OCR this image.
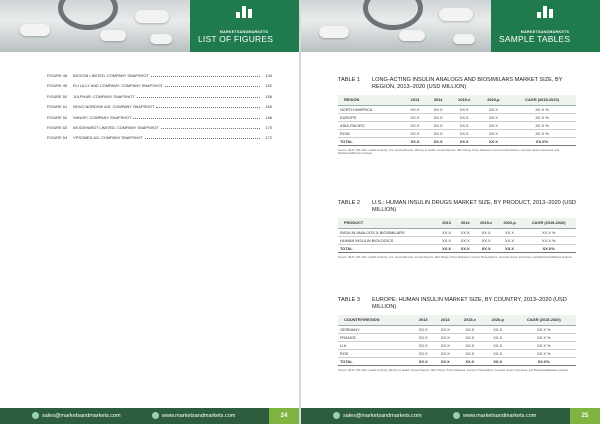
MARKETSANDMARKETS
LIST OF FIGURES
FIGURE 48	BIOCON LIMITED: COMPANY SNAPSHOT	144
FIGURE 49	ELI LILLY AND COMPANY: COMPANY SNAPSHOT	152
FIGURE 50	JULPHAR: COMPANY SNAPSHOT	158
FIGURE 51	NOVO NORDISK A/S: COMPANY SNAPSHOT	160
FIGURE 52	SANOFI: COMPANY SNAPSHOT	166
FIGURE 53	WOCKHARDT LIMITED: COMPANY SNAPSHOT	170
FIGURE 54	YPSOMED AG: COMPANY SNAPSHOT	172
sales@marketsandmarkets.com	www.marketsandmarkets.com	24
MARKETSANDMARKETS
SAMPLE TABLES
sales@marketsandmarkets.com	www.marketsandmarkets.com	25
TABLE 1	LONG-ACTING INSULIN ANALOGS AND BIOSIMILARS MARKET SIZE, BY REGION, 2013–2020 (USD MILLION)
REGION	2013	2014	2015-e	2020-p	CAGR (2015-2020)
NORTH AMERICA	XX.X	XX.X	XX.X	XX.X	XX.X %
EUROPE	XX.X	XX.X	XX.X	XX.X	XX.X %
ASIA-PACIFIC	XX.X	XX.X	XX.X	XX.X	XX.X %
ROW	XX.X	XX.X	XX.X	XX.X	XX.X %
TOTAL	XX.X	XX.X	XX.X	XX.X	XX.X%
Source: WHO, IDF, FDA, Health Authority, U.S. Census Bureau, Ministry of Health, Annual Reports, SEC Filings, Press Releases, Investor Presentations, Journals, Expert Interviews, and MarketsandMarkets Analysis
TABLE 2	U.S.: HUMAN INSULIN DRUGS MARKET SIZE, BY PRODUCT, 2013–2020 (USD MILLION)
PRODUCT	2013	2014	2015-e	2020-p	CAGR (2015-2020)
INSULIN ANALOGS & BIOSIMILARS	XX.X	XX.X	XX.X	XX.X	XX.X %
HUMAN INSULIN BIOLOGICS	XX.X	XX.X	XX.X	XX.X	XX.X %
TOTAL	XX.X	XX.X	XX.X	XX.X	XX.X%
Source: WHO, IDF, FDA, Health Authority, U.S. Census Bureau, Annual Reports, SEC Filings, Press Releases, Investor Presentations, Journals, Expert Interviews, and MarketsandMarkets Analysis
TABLE 3	EUROPE: HUMAN INSULIN MARKET SIZE, BY COUNTRY, 2013–2020 (USD MILLION)
COUNTRY/REGION	2013	2014	2015-e	2020-p	CAGR (2015-2020)
GERMANY	XX.X	XX.X	XX.X	XX.X	XX.X %
FRANCE	XX.X	XX.X	XX.X	XX.X	XX.X %
U.K.	XX.X	XX.X	XX.X	XX.X	XX.X %
ROE	XX.X	XX.X	XX.X	XX.X	XX.X %
TOTAL	XX.X	XX.X	XX.X	XX.X	XX.X%
Source: WHO, IDF, FDA, Health Authority, Ministry of Health, Annual Reports, SEC Filings, Press Releases, Investor Presentations, Journals, Expert Interviews, and MarketsandMarkets Analysis
